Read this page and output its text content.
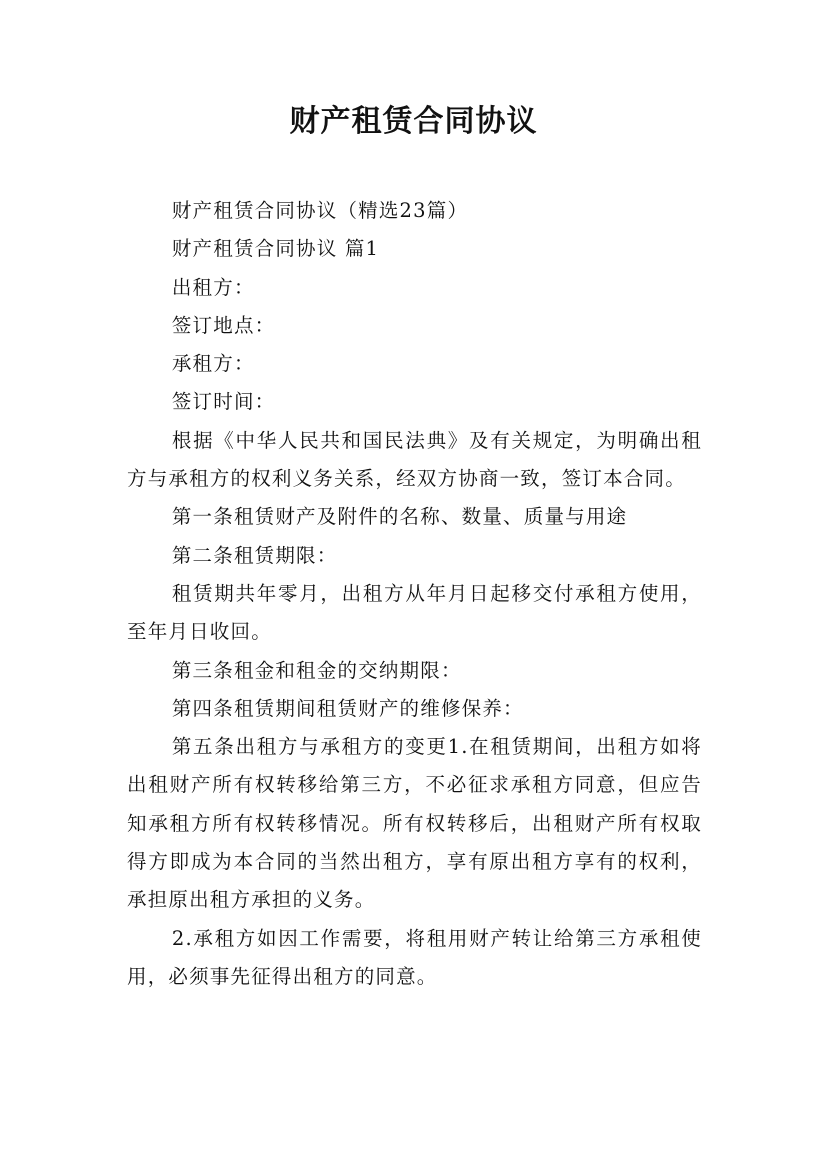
财产租赁合同协议

财产租赁合同协议（精选23篇）

财产租赁合同协议 篇1

出租方：

签订地点：

承租方：

签订时间：

根据《中华人民共和国民法典》及有关规定，为明确出租方与承租方的权利义务关系，经双方协商一致，签订本合同。

第一条租赁财产及附件的名称、数量、质量与用途

第二条租赁期限：

租赁期共年零月，出租方从年月日起移交付承租方使用，至年月日收回。

第三条租金和租金的交纳期限：

第四条租赁期间租赁财产的维修保养：

第五条出租方与承租方的变更1.在租赁期间，出租方如将出租财产所有权转移给第三方，不必征求承租方同意，但应告知承租方所有权转移情况。所有权转移后，出租财产所有权取得方即成为本合同的当然出租方，享有原出租方享有的权利，承担原出租方承担的义务。

2.承租方如因工作需要，将租用财产转让给第三方承租使用，必须事先征得出租方的同意。
